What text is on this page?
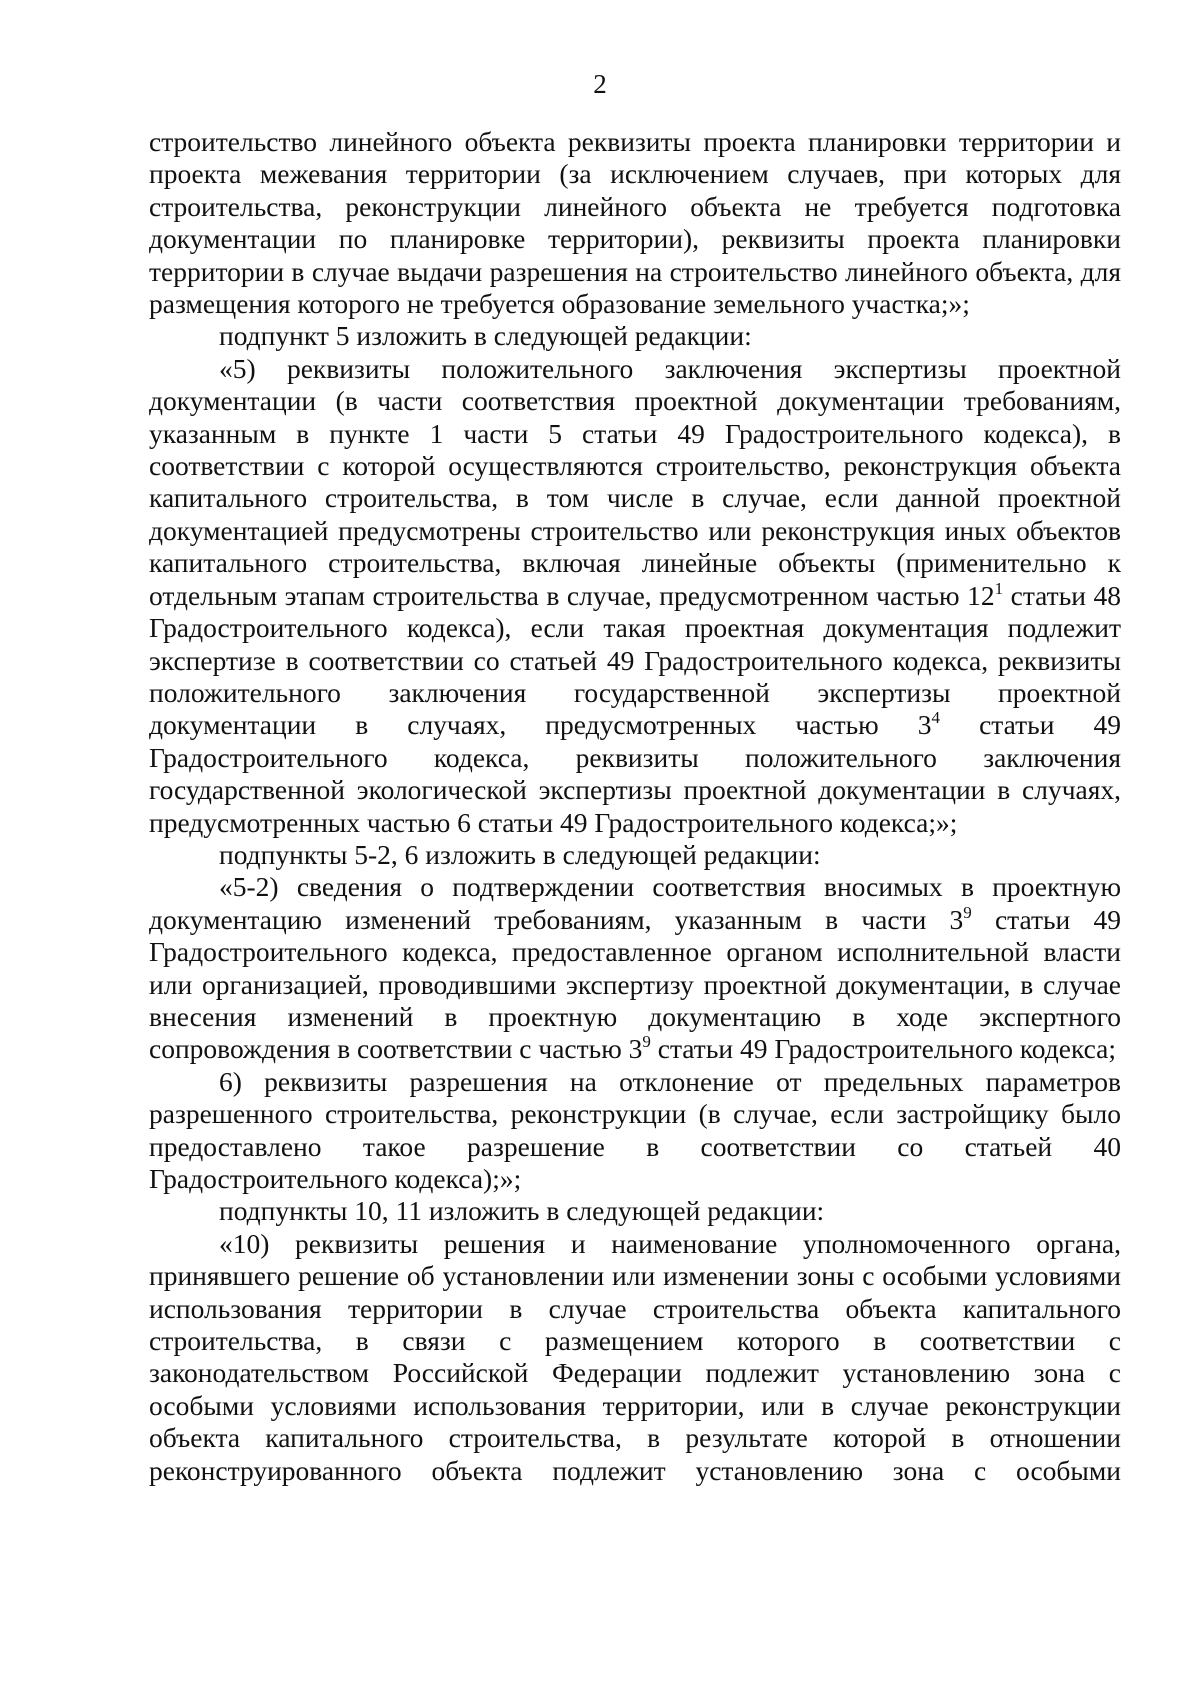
2

строительство линейного объекта реквизиты проекта планировки территории и проекта межевания территории (за исключением случаев, при которых для строительства, реконструкции линейного объекта не требуется подготовка документации по планировке территории), реквизиты проекта планировки территории в случае выдачи разрешения на строительство линейного объекта, для размещения которого не требуется образование земельного участка;»;

подпункт 5 изложить в следующей редакции:

«5) реквизиты положительного заключения экспертизы проектной документации (в части соответствия проектной документации требованиям, указанным в пункте 1 части 5 статьи 49 Градостроительного кодекса), в соответствии с которой осуществляются строительство, реконструкция объекта капитального строительства, в том числе в случае, если данной проектной документацией предусмотрены строительство или реконструкция иных объектов капитального строительства, включая линейные объекты (применительно к отдельным этапам строительства в случае, предусмотренном частью $12^1$ статьи 48 Градостроительного кодекса), если такая проектная документация подлежит экспертизе в соответствии со статьей 49 Градостроительного кодекса, реквизиты положительного заключения государственной экспертизы проектной документации в случаях, предусмотренных частью $3^4$ статьи 49 Градостроительного кодекса, реквизиты положительного заключения государственной экологической экспертизы проектной документации в случаях, предусмотренных частью 6 статьи 49 Градостроительного кодекса;»;

подпункты 5-2, 6 изложить в следующей редакции:

«5-2) сведения о подтверждении соответствия вносимых в проектную документацию изменений требованиям, указанным в части $3^9$ статьи 49 Градостроительного кодекса, предоставленное органом исполнительной власти или организацией, проводившими экспертизу проектной документации, в случае внесения изменений в проектную документацию в ходе экспертного сопровождения в соответствии с частью $3^9$ статьи 49 Градостроительного кодекса;

6) реквизиты разрешения на отклонение от предельных параметров разрешенного строительства, реконструкции (в случае, если застройщику было предоставлено такое разрешение в соответствии со статьей 40 Градостроительного кодекса);»;

подпункты 10, 11 изложить в следующей редакции:

«10) реквизиты решения и наименование уполномоченного органа, принявшего решение об установлении или изменении зоны с особыми условиями использования территории в случае строительства объекта капитального строительства, в связи с размещением которого в соответствии с законодательством Российской Федерации подлежит установлению зона с особыми условиями использования территории, или в случае реконструкции объекта капитального строительства, в результате которой в отношении реконструированного объекта подлежит установлению зона с особыми
